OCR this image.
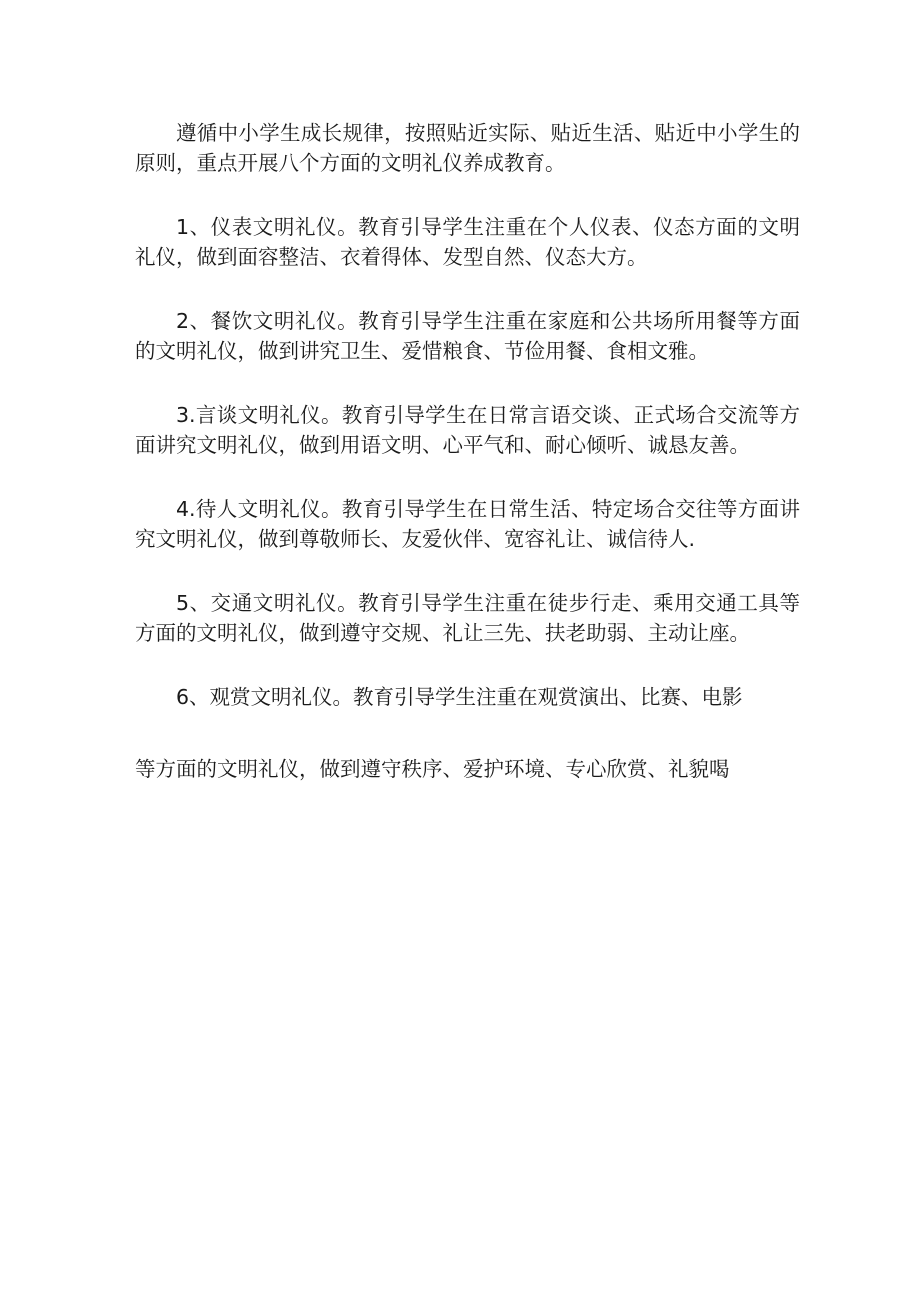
遵循中小学生成长规律，按照贴近实际、贴近生活、贴近中小学生的原则，重点开展八个方面的文明礼仪养成教育。

1、仪表文明礼仪。教育引导学生注重在个人仪表、仪态方面的文明礼仪，做到面容整洁、衣着得体、发型自然、仪态大方。

2、餐饮文明礼仪。教育引导学生注重在家庭和公共场所用餐等方面的文明礼仪，做到讲究卫生、爱惜粮食、节俭用餐、食相文雅。

3.言谈文明礼仪。教育引导学生在日常言语交谈、正式场合交流等方面讲究文明礼仪，做到用语文明、心平气和、耐心倾听、诚恳友善。

4.待人文明礼仪。教育引导学生在日常生活、特定场合交往等方面讲究文明礼仪，做到尊敬师长、友爱伙伴、宽容礼让、诚信待人.

5、交通文明礼仪。教育引导学生注重在徒步行走、乘用交通工具等方面的文明礼仪，做到遵守交规、礼让三先、扶老助弱、主动让座。

6、观赏文明礼仪。教育引导学生注重在观赏演出、比赛、电影
等方面的文明礼仪，做到遵守秩序、爱护环境、专心欣赏、礼貌喝
